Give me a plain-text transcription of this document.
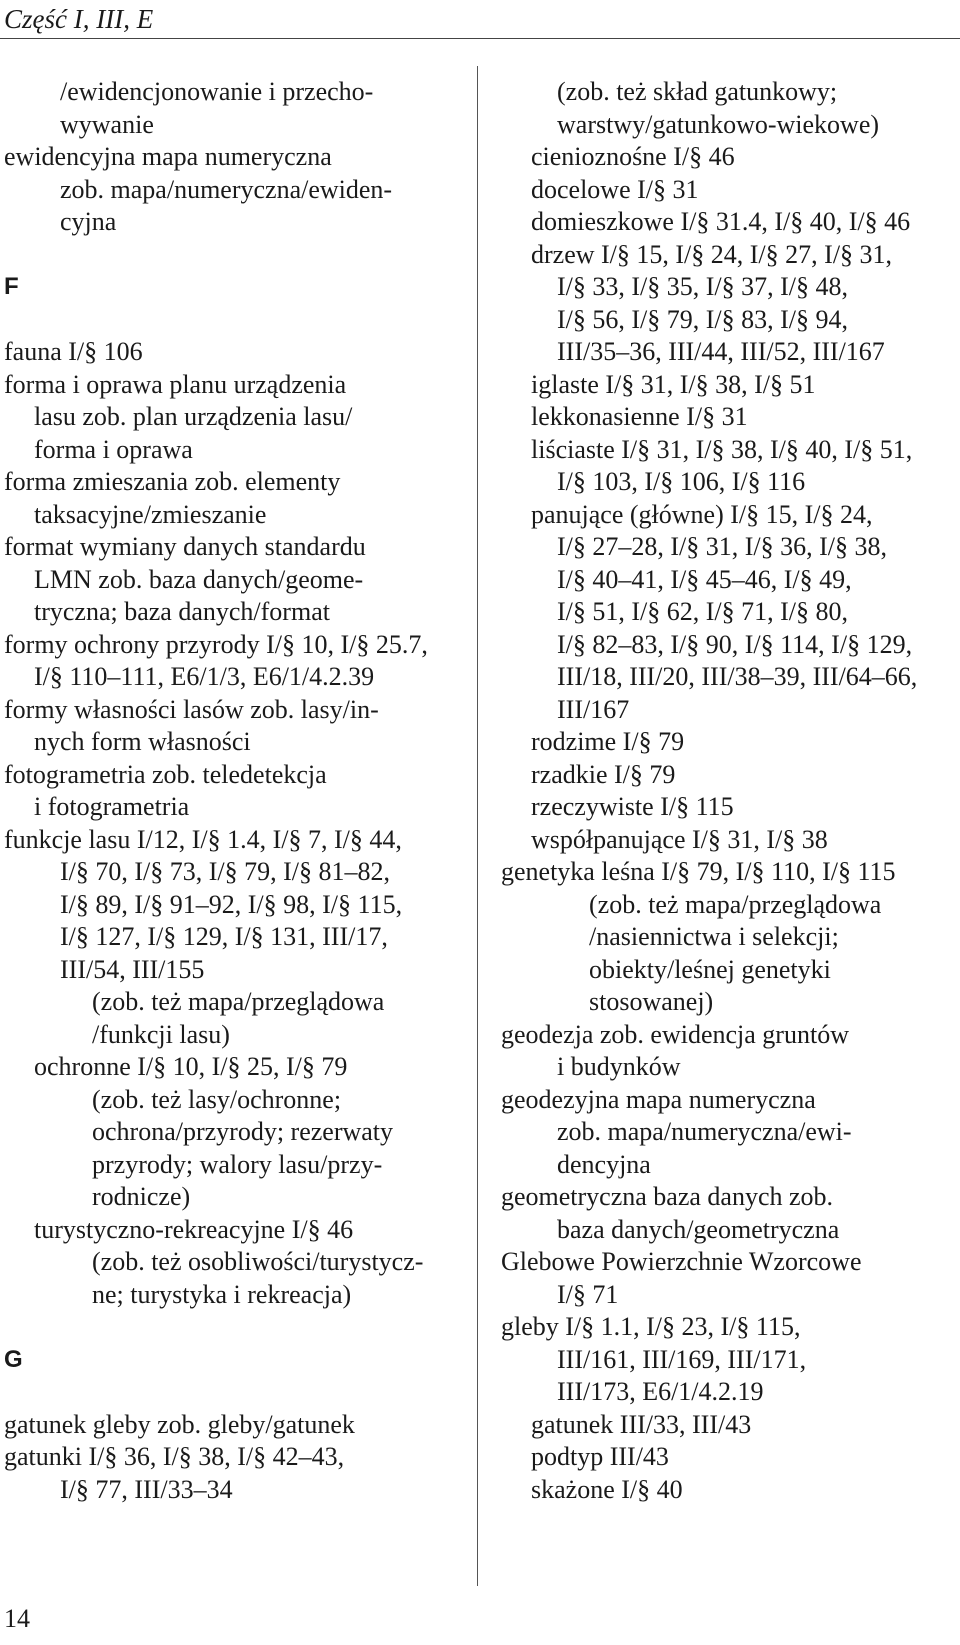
Część I, III, E
/ewidencjonowanie i przecho-
wywanie
ewidencyjna mapa numeryczna
zob. mapa/numeryczna/ewiden-
cyjna
F
fauna I/§ 106
forma i oprawa planu urządzenia
lasu zob. plan urządzenia lasu/
forma i oprawa
forma zmieszania zob. elementy
taksacyjne/zmieszanie
format wymiany danych standardu
LMN zob. baza danych/geome-
tryczna; baza danych/format
formy ochrony przyrody I/§ 10, I/§ 25.7,
I/§ 110–111, E6/1/3, E6/1/4.2.39
formy własności lasów zob. lasy/in-
nych form własności
fotogrametria zob. teledetekcja
i fotogrametria
funkcje lasu I/12, I/§ 1.4, I/§ 7, I/§ 44,
I/§ 70, I/§ 73, I/§ 79, I/§ 81–82,
I/§ 89, I/§ 91–92, I/§ 98, I/§ 115,
I/§ 127, I/§ 129, I/§ 131, III/17,
III/54, III/155
(zob. też mapa/przeglądowa
/funkcji lasu)
ochronne I/§ 10, I/§ 25, I/§ 79
(zob. też lasy/ochronne;
ochrona/przyrody; rezerwaty
przyrody; walory lasu/przy-
rodnicze)
turystyczno-rekreacyjne I/§ 46
(zob. też osobliwości/turystycz-
ne; turystyka i rekreacja)
G
gatunek gleby zob. gleby/gatunek
gatunki I/§ 36, I/§ 38, I/§ 42–43,
I/§ 77, III/33–34
(zob. też skład gatunkowy;
warstwy/gatunkowo-wiekowe)
cienioznośne I/§ 46
docelowe I/§ 31
domieszkowe I/§ 31.4, I/§ 40, I/§ 46
drzew I/§ 15, I/§ 24, I/§ 27, I/§ 31,
I/§ 33, I/§ 35, I/§ 37, I/§ 48,
I/§ 56, I/§ 79, I/§ 83, I/§ 94,
III/35–36, III/44, III/52, III/167
iglaste I/§ 31, I/§ 38, I/§ 51
lekkonasienne I/§ 31
liściaste I/§ 31, I/§ 38, I/§ 40, I/§ 51,
I/§ 103, I/§ 106, I/§ 116
panujące (główne) I/§ 15, I/§ 24,
I/§ 27–28, I/§ 31, I/§ 36, I/§ 38,
I/§ 40–41, I/§ 45–46, I/§ 49,
I/§ 51, I/§ 62, I/§ 71, I/§ 80,
I/§ 82–83, I/§ 90, I/§ 114, I/§ 129,
III/18, III/20, III/38–39, III/64–66,
III/167
rodzime I/§ 79
rzadkie I/§ 79
rzeczywiste I/§ 115
współpanujące I/§ 31, I/§ 38
genetyka leśna I/§ 79, I/§ 110, I/§ 115
(zob. też mapa/przeglądowa
/nasiennictwa i selekcji;
obiekty/leśnej genetyki
stosowanej)
geodezja zob. ewidencja gruntów
i budynków
geodezyjna mapa numeryczna
zob. mapa/numeryczna/ewi-
dencyjna
geometryczna baza danych zob.
baza danych/geometryczna
Glebowe Powierzchnie Wzorcowe
I/§ 71
gleby I/§ 1.1, I/§ 23, I/§ 115,
III/161, III/169, III/171,
III/173, E6/1/4.2.19
gatunek III/33, III/43
podtyp III/43
skażone I/§ 40
14
